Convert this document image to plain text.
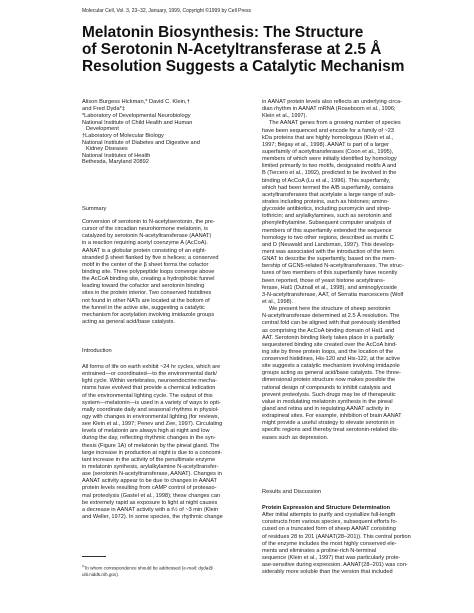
Molecular Cell, Vol. 3, 23–32, January, 1999, Copyright ©1999 by Cell Press
Melatonin Biosynthesis: The Structure
of Serotonin N-Acetyltransferase at 2.5 Å
Resolution Suggests a Catalytic Mechanism
Alison Burgess Hickman,* David C. Klein,†
and Fred Dyda*‡
*Laboratory of Developmental Neurobiology
National Institute of Child Health and Human
Development
†Laboratory of Molecular Biology
National Institute of Diabetes and Digestive and
Kidney Diseases
National Institutes of Health
Bethesda, Maryland 20892
Summary

Conversion of serotonin to N-acetylserotonin, the pre-
cursor of the circadian neurohormone melatonin, is
catalyzed by serotonin N-acetyltransferase (AANAT)
in a reaction requiring acetyl coenzyme A (AcCoA).
AANAT is a globular protein consisting of an eight-
stranded β sheet flanked by five α helices; a conserved
motif in the center of the β sheet forms the cofactor
binding site. Three polypeptide loops converge above
the AcCoA binding site, creating a hydrophobic funnel
leading toward the cofactor and serotonin binding
sites in the protein interior. Two conserved histidines
not found in other NATs are located at the bottom of
the funnel in the active site, suggesting a catalytic
mechanism for acetylation involving imidazole groups
acting as general acid/base catalysts.

Introduction

All forms of life on earth exhibit ~24 hr cycles, which are
entrained—or coordinated—to the environmental dark/
light cycle. Within vertebrates, neuroendocrine mecha-
nisms have evolved that provide a chemical indication
of the environmental lighting cycle. The output of this
system—melatonin—is used in a variety of ways to opti-
mally coordinate daily and seasonal rhythms in physiol-
ogy with changes in environmental lighting (for reviews,
see Klein et al., 1997; Penev and Zee, 1997). Circulating
levels of melatonin are always high at night and low
during the day, reflecting rhythmic changes in the syn-
thesis (Figure 1A) of melatonin by the pineal gland. The
large increase in production at night is due to a concomi-
tant increase in the activity of the penultimate enzyme
in melatonin synthesis, arylalkylamine N-acetyltransfer-
ase (serotonin N-acetyltransferase, AANAT). Changes in
AANAT activity appear to be due to changes in AANAT
protein levels resulting from cAMP control of proteaso-
mal proteolysis (Gastel et al., 1998); these changes can
be extremely rapid as exposure to light at night causes
a decrease in AANAT activity with a t½ of ~3 min (Klein
and Weller, 1972). In some species, the rhythmic change

‡To whom correspondence should be addressed (e-mail: dyda@
ulti.niddk.nih.gov).

in AANAT protein levels also reflects an underlying circa-
dian rhythm in AANAT mRNA (Roseboom et al., 1996;
Klein et al., 1997).

The AANAT genes from a growing number of species
have been sequenced and encode for a family of ~23
kDa proteins that are highly homologous (Klein et al.,
1997; Bégay et al., 1998). AANAT is part of a larger
superfamily of acetyltransferases (Coon et al., 1995),
members of which were initially identified by homology
limited primarily to two motifs, designated motifs A and
B (Tercero et al., 1992), predicted to be involved in the
binding of AcCoA (Lu et al., 1996). This superfamily,
which had been termed the A/B superfamily, contains
acetyltransferases that acetylate a large range of sub-
strates including proteins, such as histones; amino-
glycoside antibiotics, including puromycin and strep-
tothricin; and arylalkylamines, such as serotonin and
phenylethylamine. Subsequent computer analysis of
members of this superfamily extended the sequence
homology to two other regions, described as motifs C
and D (Neuwald and Landsman, 1997). This develop-
ment was associated with the introduction of the term
GNAT to describe the superfamily, based on the mem-
bership of GCN5-related N-acetyltransferases. The struc-
tures of two members of this superfamily have recently
been reported, those of yeast histone acetyltrans-
ferase, Hat1 (Dutnall et al., 1998), and aminoglycoside
3-N-acetyltransferase, AAT, of Serratia marcescens (Wolf
et al., 1998).

We present here the structure of sheep serotonin
N-acetyltransferase determined at 2.5 Å resolution. The
central fold can be aligned with that previously identified
as comprising the AcCoA binding domain of Hat1 and
AAT. Serotonin binding likely takes place in a partially
sequestered binding site created over the AcCoA bind-
ing site by three protein loops, and the location of the
conserved histidines, His-120 and His-122, at the active
site suggests a catalytic mechanism involving imidazole
groups acting as general acid/base catalysts. The three-
dimensional protein structure now makes possible the
rational design of compounds to inhibit catalysis and
prevent proteolysis. Such drugs may be of therapeutic
value in modulating melatonin synthesis in the pineal
gland and retina and in regulating AANAT activity in
extrapineal sites. For example, inhibition of brain AANAT
might provide a useful strategy to elevate serotonin in
specific regions and thereby treat serotonin-related dis-
eases such as depression.

Results and Discussion

Protein Expression and Structure Determination

After initial attempts to purify and crystallize full-length
constructs from various species, subsequent efforts fo-
cused on a truncated form of sheep AANAT consisting
of residues 28 to 201 (AANAT(28–201)). This central portion
of the enzyme includes the most highly conserved ele-
ments and eliminates a proline-rich N-terminal
sequence (Klein et al., 1997) that was particularly prote-
ase-sensitive during expression. AANAT(28–201) was con-
siderably more soluble than the version that included
